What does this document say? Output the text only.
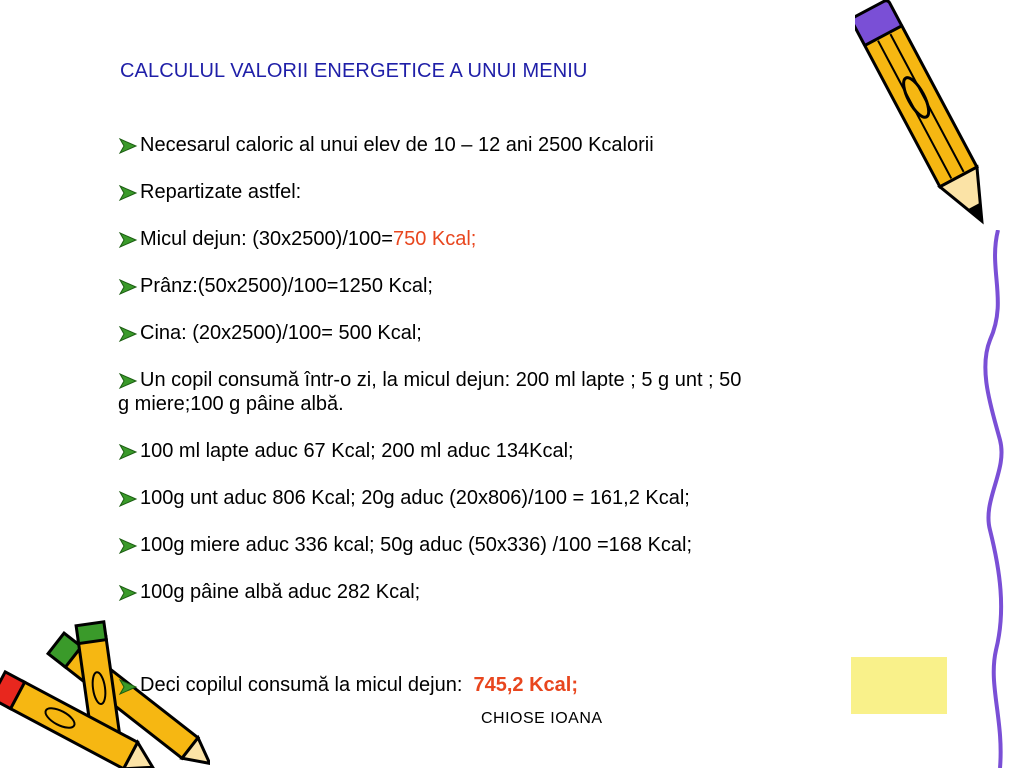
CALCULUL VALORII ENERGETICE A UNUI MENIU
Necesarul caloric al unui elev de 10 – 12 ani 2500 Kcalorii
Repartizate astfel:
Micul dejun: (30x2500)/100=750 Kcal;
Prânz:(50x2500)/100=1250 Kcal;
Cina: (20x2500)/100= 500 Kcal;
Un copil consumă într-o zi, la micul dejun: 200 ml lapte ; 5 g unt ; 50
g miere;100 g pâine albă.
100 ml lapte aduc 67 Kcal; 200 ml aduc 134Kcal;
100g unt aduc 806 Kcal; 20g aduc (20x806)/100 = 161,2 Kcal;
100g miere aduc 336 kcal; 50g aduc (50x336) /100 =168 Kcal;
100g pâine albă aduc 282 Kcal;
Deci copilul consumă la micul dejun: 745,2 Kcal;
CHIOSE IOANA
